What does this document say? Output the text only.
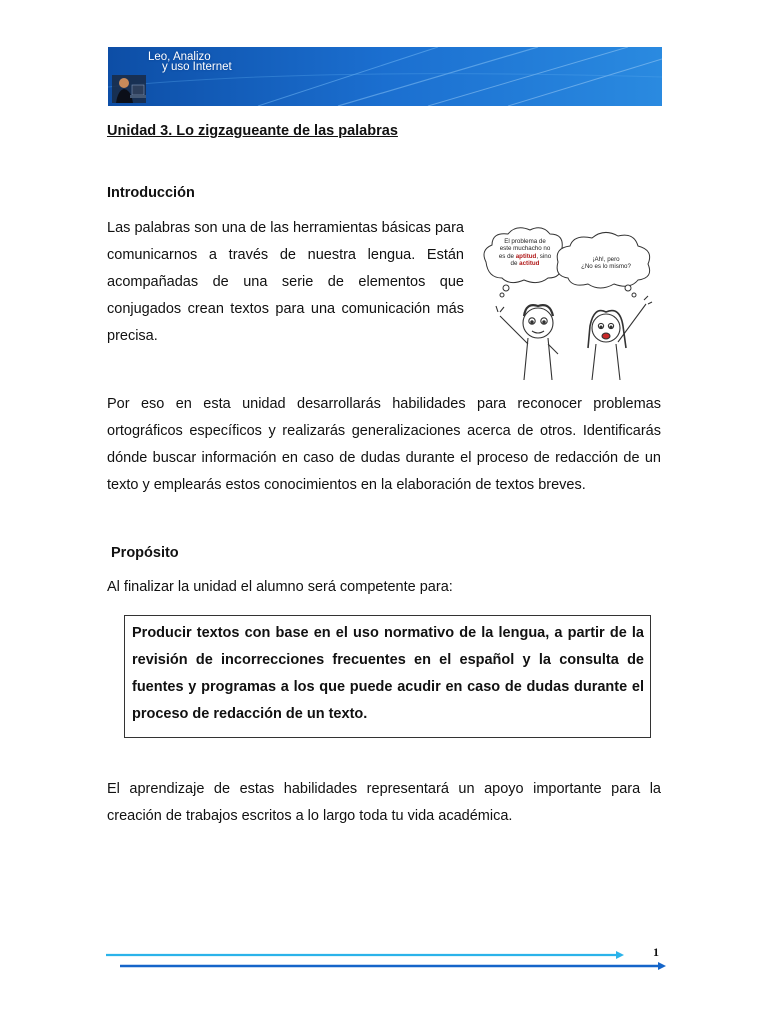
Leo, Analizo
y uso Internet
Unidad 3. Lo zigzagueante de las palabras
Introducción

Las palabras son una de las herramientas básicas para comunicarnos a través de nuestra lengua. Están acompañadas de una serie de elementos que conjugados crean textos para una comunicación más precisa.

El problema de
este muchacho no
es de aptitud, sino
de actitud
¡Ah!, pero
¿No es lo mismo?

Por eso en esta unidad desarrollarás habilidades para reconocer problemas ortográficos específicos y realizarás generalizaciones acerca de otros. Identificarás dónde buscar información en caso de dudas durante el proceso de redacción de un texto y emplearás estos conocimientos en la elaboración de textos breves.

Propósito

Al finalizar la unidad el alumno será competente para:

Producir textos con base en el uso normativo de la lengua, a partir de la revisión de incorrecciones frecuentes en el español y la consulta de fuentes y programas a los que puede acudir en caso de dudas durante el proceso de redacción de un texto.

El aprendizaje de estas habilidades representará un apoyo importante para la creación de trabajos escritos a lo largo toda tu vida académica.

1
